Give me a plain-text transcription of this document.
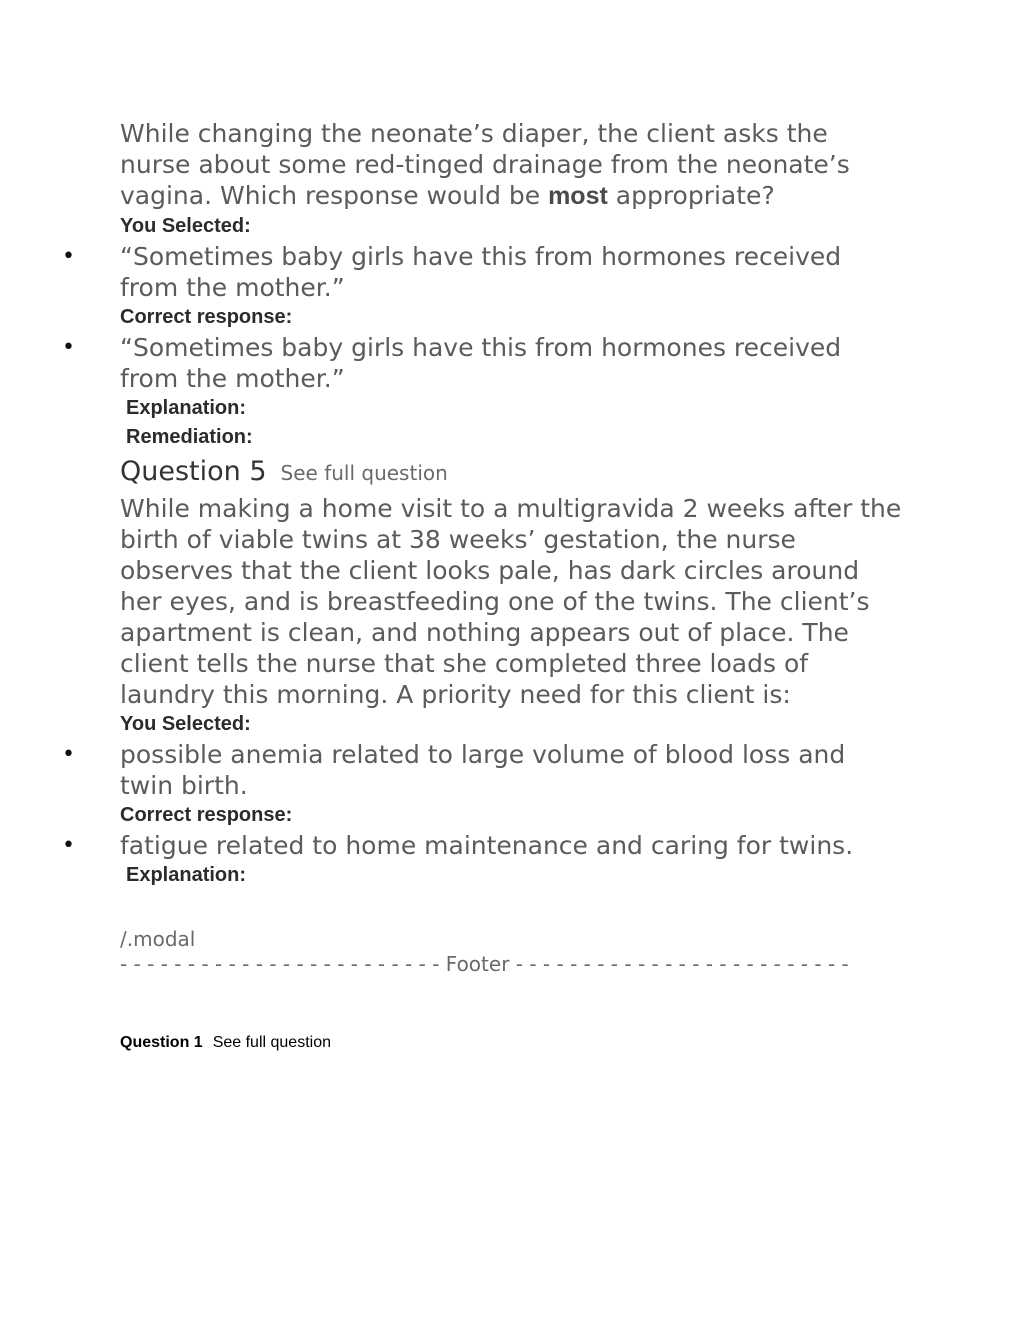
While changing the neonate’s diaper, the client asks the nurse about some red-tinged drainage from the neonate’s vagina. Which response would be most appropriate?

You Selected:

• “Sometimes baby girls have this from hormones received from the mother.”

Correct response:

• “Sometimes baby girls have this from hormones received from the mother.”

Explanation:

Remediation:

Question 5 See full question

While making a home visit to a multigravida 2 weeks after the birth of viable twins at 38 weeks’ gestation, the nurse observes that the client looks pale, has dark circles around her eyes, and is breastfeeding one of the twins. The client’s apartment is clean, and nothing appears out of place. The client tells the nurse that she completed three loads of laundry this morning. A priority need for this client is:

You Selected:

• possible anemia related to large volume of blood loss and twin birth.

Correct response:

• fatigue related to home maintenance and caring for twins.

Explanation:

/.modal

- - - - - - - - - - - - - - - - - - - - - - - - Footer - - - - - - - - - - - - - - - - - - - - - - - - -

Question 1 See full question
